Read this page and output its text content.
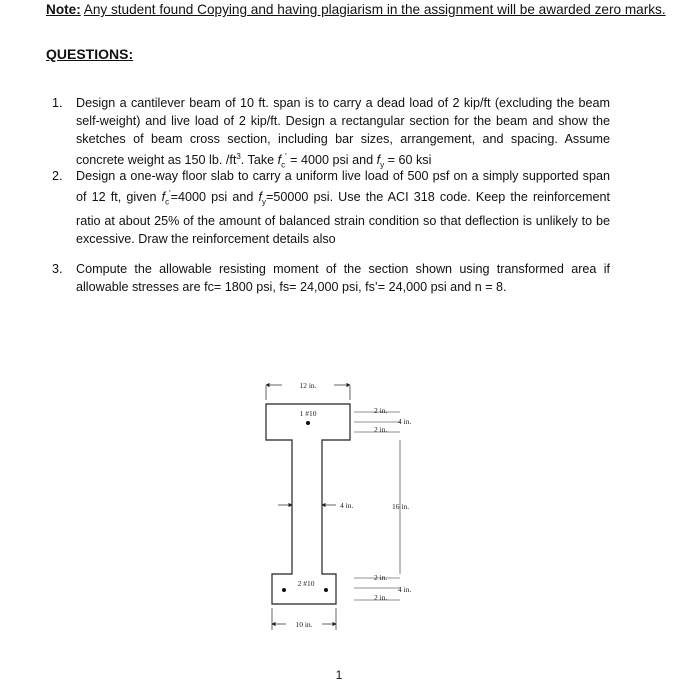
Note: Any student found Copying and having plagiarism in the assignment will be awarded zero marks.
QUESTIONS:
1. Design a cantilever beam of 10 ft. span is to carry a dead load of 2 kip/ft (excluding the beam self-weight) and live load of 2 kip/ft. Design a rectangular section for the beam and show the sketches of beam cross section, including bar sizes, arrangement, and spacing. Assume concrete weight as 150 lb. $/ft^3$. Take $f_c' = 4000$ psi and $f_y = 60$ ksi
2. Design a one-way floor slab to carry a uniform live load of 500 psf on a simply supported span of 12 ft, given $f_c'=4000$ psi and $f_y=50000$ psi. Use the ACI 318 code. Keep the reinforcement ratio at about 25% of the amount of balanced strain condition so that deflection is unlikely to be excessive. Draw the reinforcement details also
3. Compute the allowable resisting moment of the section shown using transformed area if allowable stresses are fc= 1800 psi, fs= 24,000 psi, fs’= 24,000 psi and n = 8.
12 in.
1 #10	2 in.
2 in.
4 in.
4 in.	16 in.
2 #10
2 in.
2 in.
4 in.
10 in.
1
